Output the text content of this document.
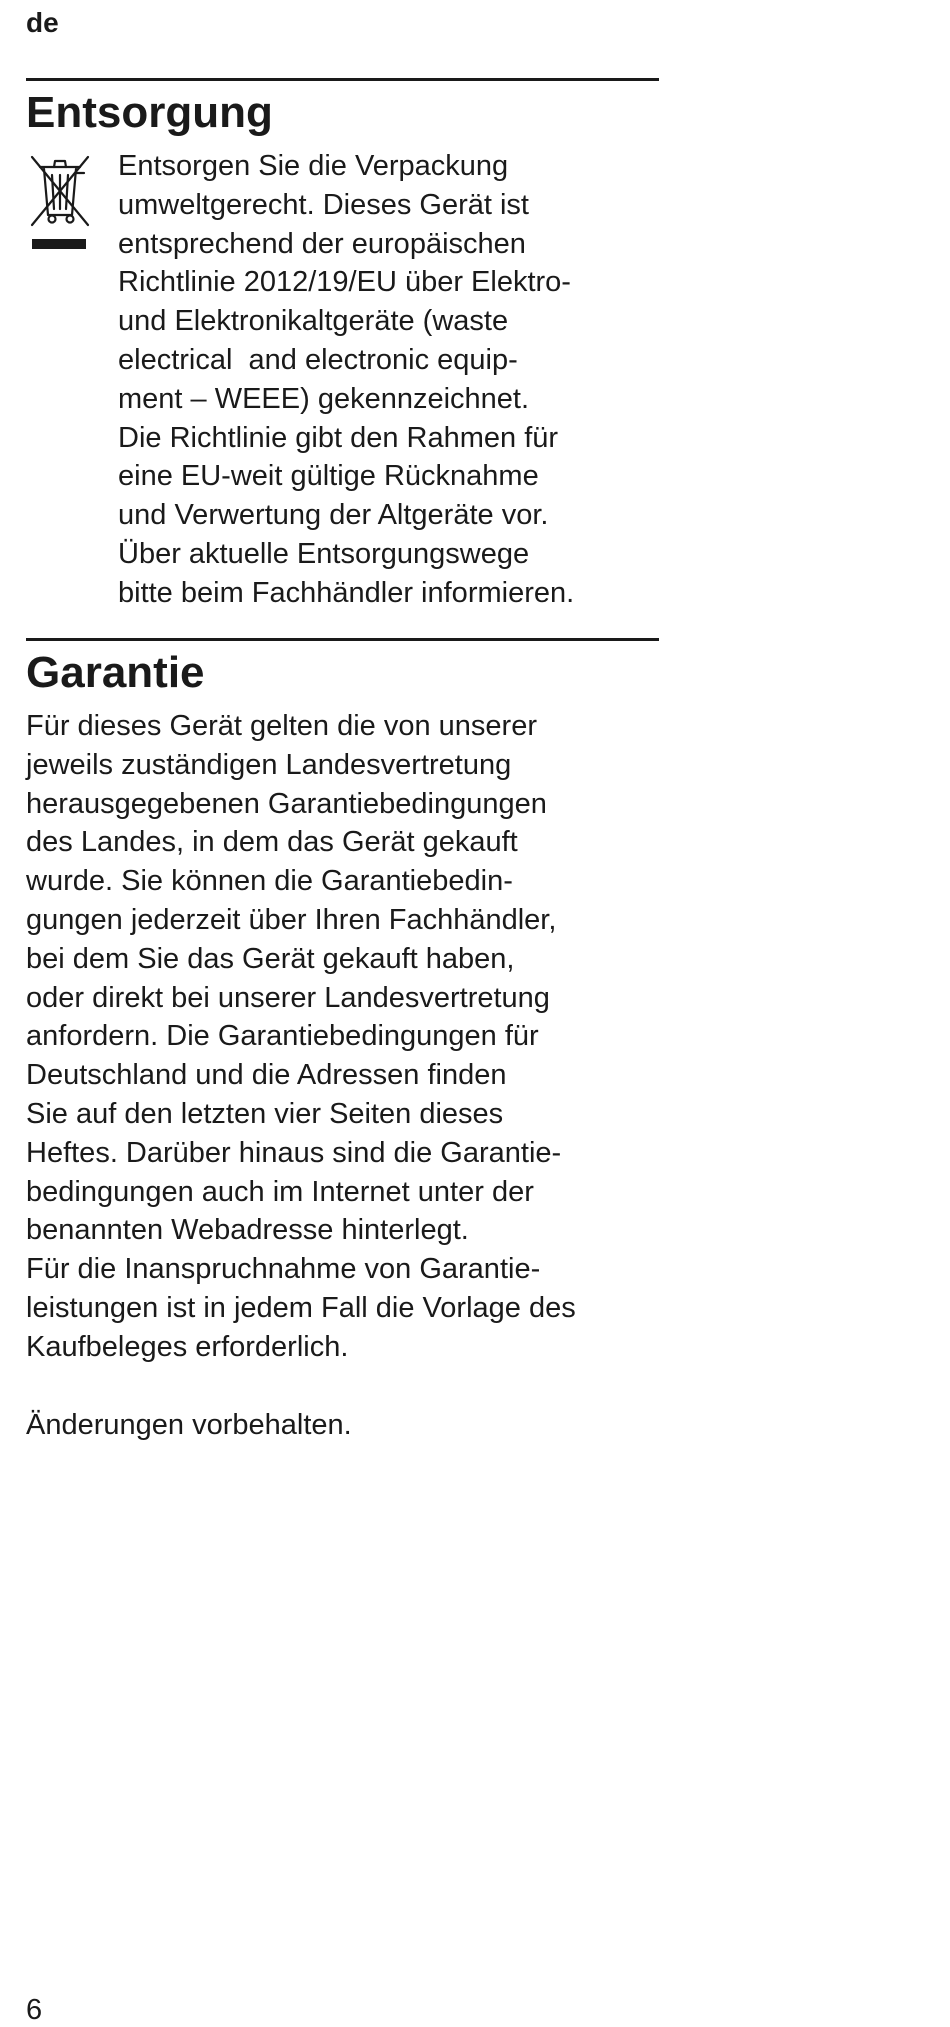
de
Entsorgung
Entsorgen Sie die Verpackung
umweltgerecht. Dieses Gerät ist
entsprechend der europäischen
Richtlinie 2012/19/EU über Elektro-
und Elektronikaltgeräte (waste
electrical  and electronic equip-
ment – WEEE) gekennzeichnet.
Die Richtlinie gibt den Rahmen für
eine EU-weit gültige Rücknahme
und Verwertung der Altgeräte vor.
Über aktuelle Entsorgungswege
bitte beim Fachhändler informieren.
Garantie
Für dieses Gerät gelten die von unserer
jeweils zuständigen Landesvertretung
herausgegebenen Garantiebedingungen
des Landes, in dem das Gerät gekauft
wurde. Sie können die Garantiebedin-
gungen jederzeit über Ihren Fachhändler,
bei dem Sie das Gerät gekauft haben,
oder direkt bei unserer Landesvertretung
anfordern. Die Garantiebedingungen für
Deutschland und die Adressen finden
Sie auf den letzten vier Seiten dieses
Heftes. Darüber hinaus sind die Garantie-
bedingungen auch im Internet unter der
benannten Webadresse hinterlegt.
Für die Inanspruchnahme von Garantie-
leistungen ist in jedem Fall die Vorlage des
Kaufbeleges erforderlich.

Änderungen vorbehalten.

6
